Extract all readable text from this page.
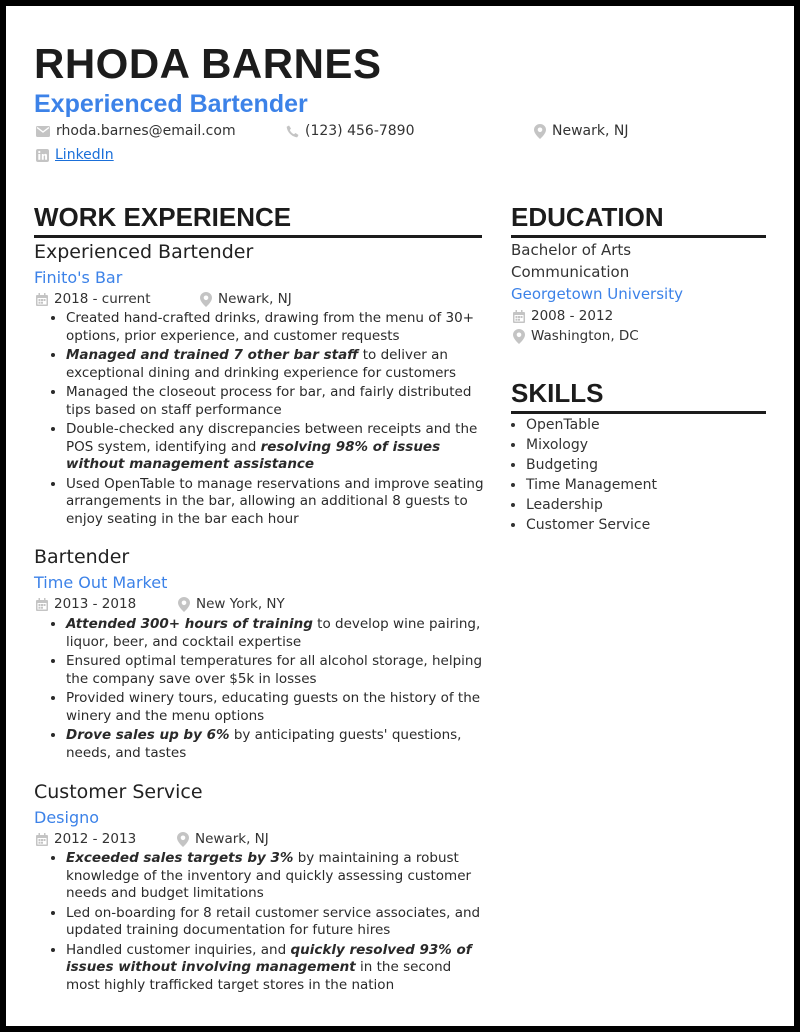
RHODA BARNES
Experienced Bartender
rhoda.barnes@email.com	(123) 456-7890	Newark, NJ
LinkedIn
WORK EXPERIENCE
Experienced Bartender
Finito's Bar
2018 - current	Newark, NJ
• Created hand-crafted drinks, drawing from the menu of 30+ options, prior experience, and customer requests
• Managed and trained 7 other bar staff to deliver an exceptional dining and drinking experience for customers
• Managed the closeout process for bar, and fairly distributed tips based on staff performance
• Double-checked any discrepancies between receipts and the POS system, identifying and resolving 98% of issues without management assistance
• Used OpenTable to manage reservations and improve seating arrangements in the bar, allowing an additional 8 guests to enjoy seating in the bar each hour
Bartender
Time Out Market
2013 - 2018	New York, NY
• Attended 300+ hours of training to develop wine pairing, liquor, beer, and cocktail expertise
• Ensured optimal temperatures for all alcohol storage, helping the company save over $5k in losses
• Provided winery tours, educating guests on the history of the winery and the menu options
• Drove sales up by 6% by anticipating guests' questions, needs, and tastes
Customer Service
Designo
2012 - 2013	Newark, NJ
• Exceeded sales targets by 3% by maintaining a robust knowledge of the inventory and quickly assessing customer needs and budget limitations
• Led on-boarding for 8 retail customer service associates, and updated training documentation for future hires
• Handled customer inquiries, and quickly resolved 93% of issues without involving management in the second most highly trafficked target stores in the nation
EDUCATION
Bachelor of Arts
Communication
Georgetown University
2008 - 2012
Washington, DC
SKILLS
• OpenTable
• Mixology
• Budgeting
• Time Management
• Leadership
• Customer Service
